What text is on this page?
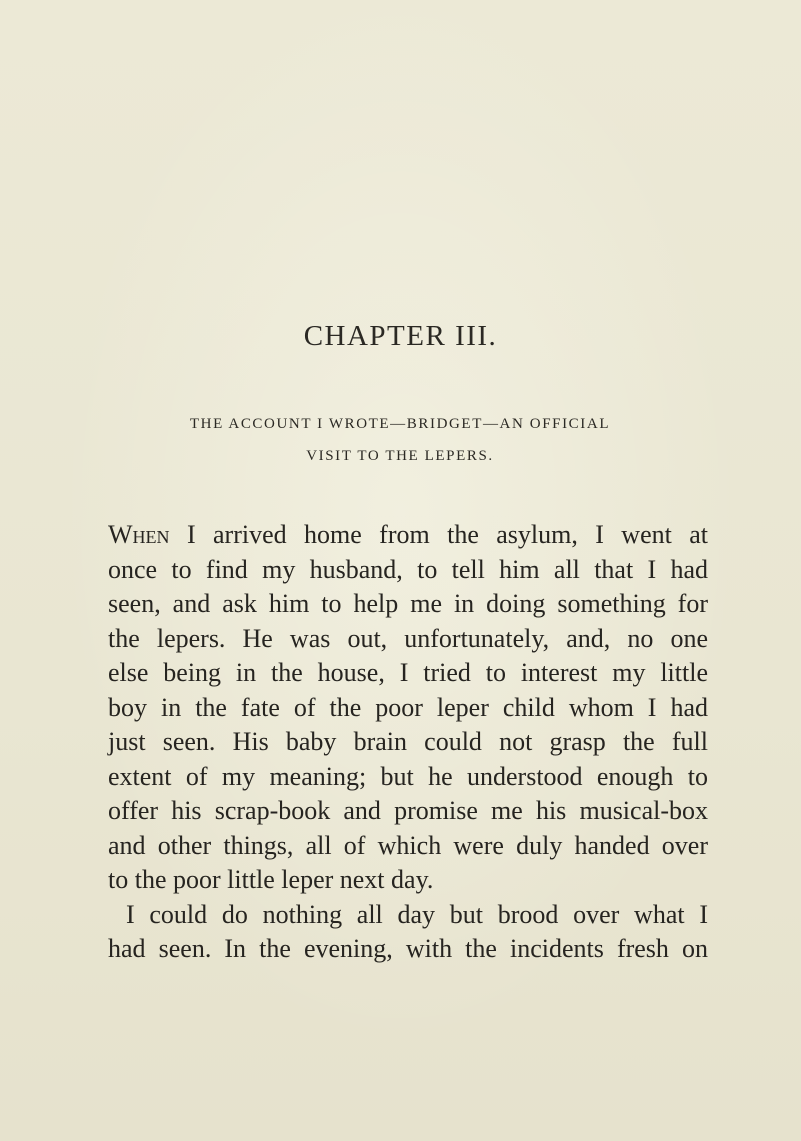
CHAPTER III.
THE ACCOUNT I WROTE—BRIDGET—AN OFFICIAL
VISIT TO THE LEPERS.
When I arrived home from the asylum, I went at
once to find my husband, to tell him all that I had
seen, and ask him to help me in doing something for
the lepers. He was out, unfortunately, and, no one
else being in the house, I tried to interest my little
boy in the fate of the poor leper child whom I had
just seen. His baby brain could not grasp the full
extent of my meaning; but he understood enough to
offer his scrap-book and promise me his musical-box
and other things, all of which were duly handed over
to the poor little leper next day.
I could do nothing all day but brood over what I
had seen. In the evening, with the incidents fresh on
